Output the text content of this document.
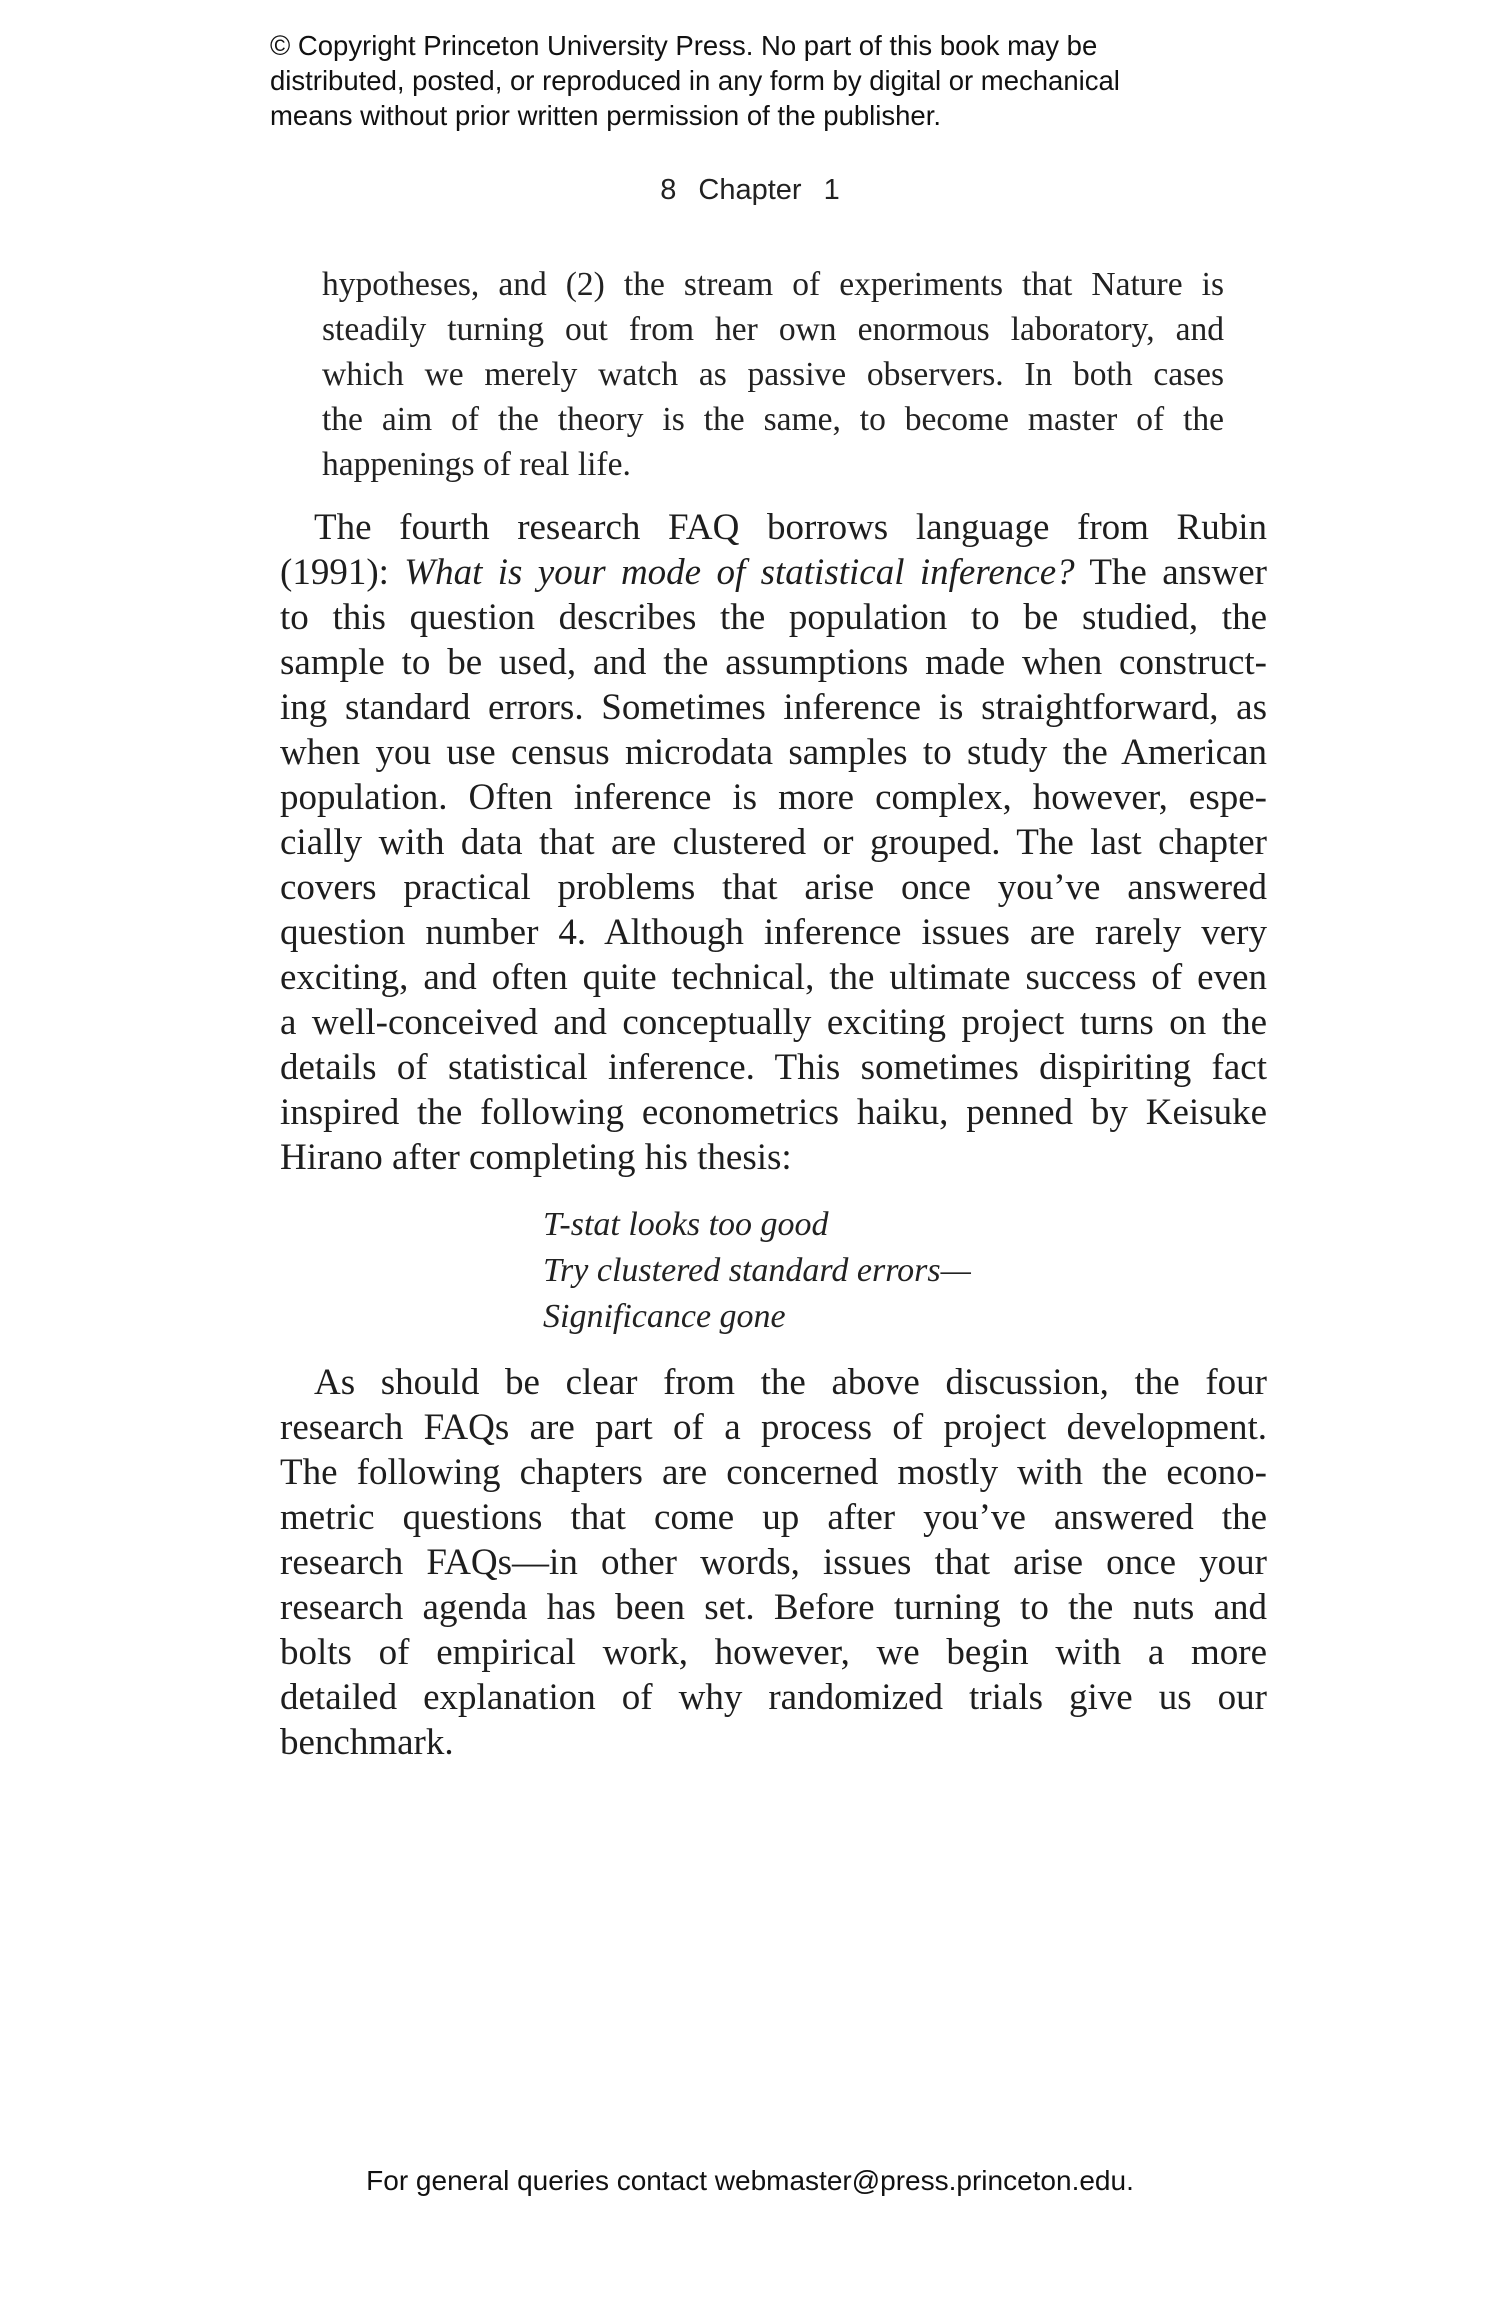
© Copyright Princeton University Press. No part of this book may be
distributed, posted, or reproduced in any form by digital or mechanical
means without prior written permission of the publisher.
8 Chapter 1
hypotheses, and (2) the stream of experiments that Nature is
steadily turning out from her own enormous laboratory, and
which we merely watch as passive observers. In both cases
the aim of the theory is the same, to become master of the
happenings of real life.
The fourth research FAQ borrows language from Rubin
(1991): What is your mode of statistical inference? The answer
to this question describes the population to be studied, the
sample to be used, and the assumptions made when construct-
ing standard errors. Sometimes inference is straightforward, as
when you use census microdata samples to study the American
population. Often inference is more complex, however, espe-
cially with data that are clustered or grouped. The last chapter
covers practical problems that arise once you’ve answered
question number 4. Although inference issues are rarely very
exciting, and often quite technical, the ultimate success of even
a well-conceived and conceptually exciting project turns on the
details of statistical inference. This sometimes dispiriting fact
inspired the following econometrics haiku, penned by Keisuke
Hirano after completing his thesis:
T-stat looks too good
Try clustered standard errors—
Significance gone
As should be clear from the above discussion, the four
research FAQs are part of a process of project development.
The following chapters are concerned mostly with the econo-
metric questions that come up after you’ve answered the
research FAQs—in other words, issues that arise once your
research agenda has been set. Before turning to the nuts and
bolts of empirical work, however, we begin with a more
detailed explanation of why randomized trials give us our
benchmark.
For general queries contact webmaster@press.princeton.edu.
